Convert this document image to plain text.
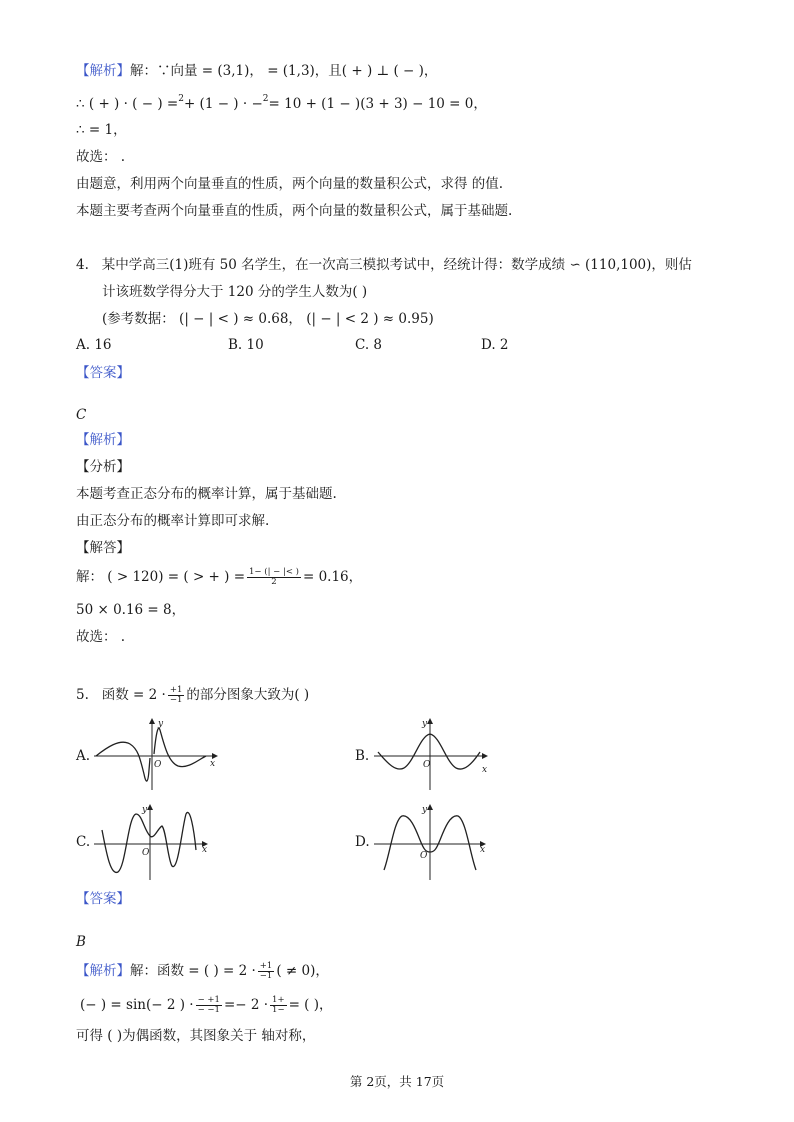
【解析】解：∵向量 = (3,1)， = (1,3)，且( + ) ⊥ ( − )，
∴ ( + ) · ( − ) =$^2$+ (1 − ) · −$^2$= 10 + (1 − )(3 + 3) − 10 = 0，
∴ = 1，
故选： .
由题意，利用两个向量垂直的性质，两个向量的数量积公式，求得 的值.
本题主要考查两个向量垂直的性质，两个向量的数量积公式，属于基础题.
4. 某中学高三(1)班有 50 名学生，在一次高三模拟考试中，经统计得：数学成绩 ∽ (110,100)，则估
计该班数学得分大于 120 分的学生人数为( )
(参考数据： (| − | < ) ≈ 0.68， (| − | < 2 ) ≈ 0.95)
A. 16	B. 10	C. 8	D. 2
【答案】
C
【解析】
【分析】
本题考查正态分布的概率计算，属于基础题.
由正态分布的概率计算即可求解.
【解答】
解： ( > 120) = ( > + ) = $\frac{1- (| - |< )}{2} = 0.16$，
50 × 0.16 = 8，
故选： .
5. 函数 = $2 \cdot \frac{+1}{-1}$ 的部分图象大致为( )
A.	B.
C.	D.
y
x
O
y
x
O
y
x
O
y
x
O
【答案】
B
【解析】解：函数 = ( ) = $2 \cdot \frac{+1}{-1}$ ( ≠ 0)，
(− ) = sin(− 2 ) · $\frac{- +1}{- -1} =- 2 \cdot \frac{1+}{1-}$ = ( )，
可得 ( )为偶函数，其图象关于 轴对称，
第 2页，共 17页
